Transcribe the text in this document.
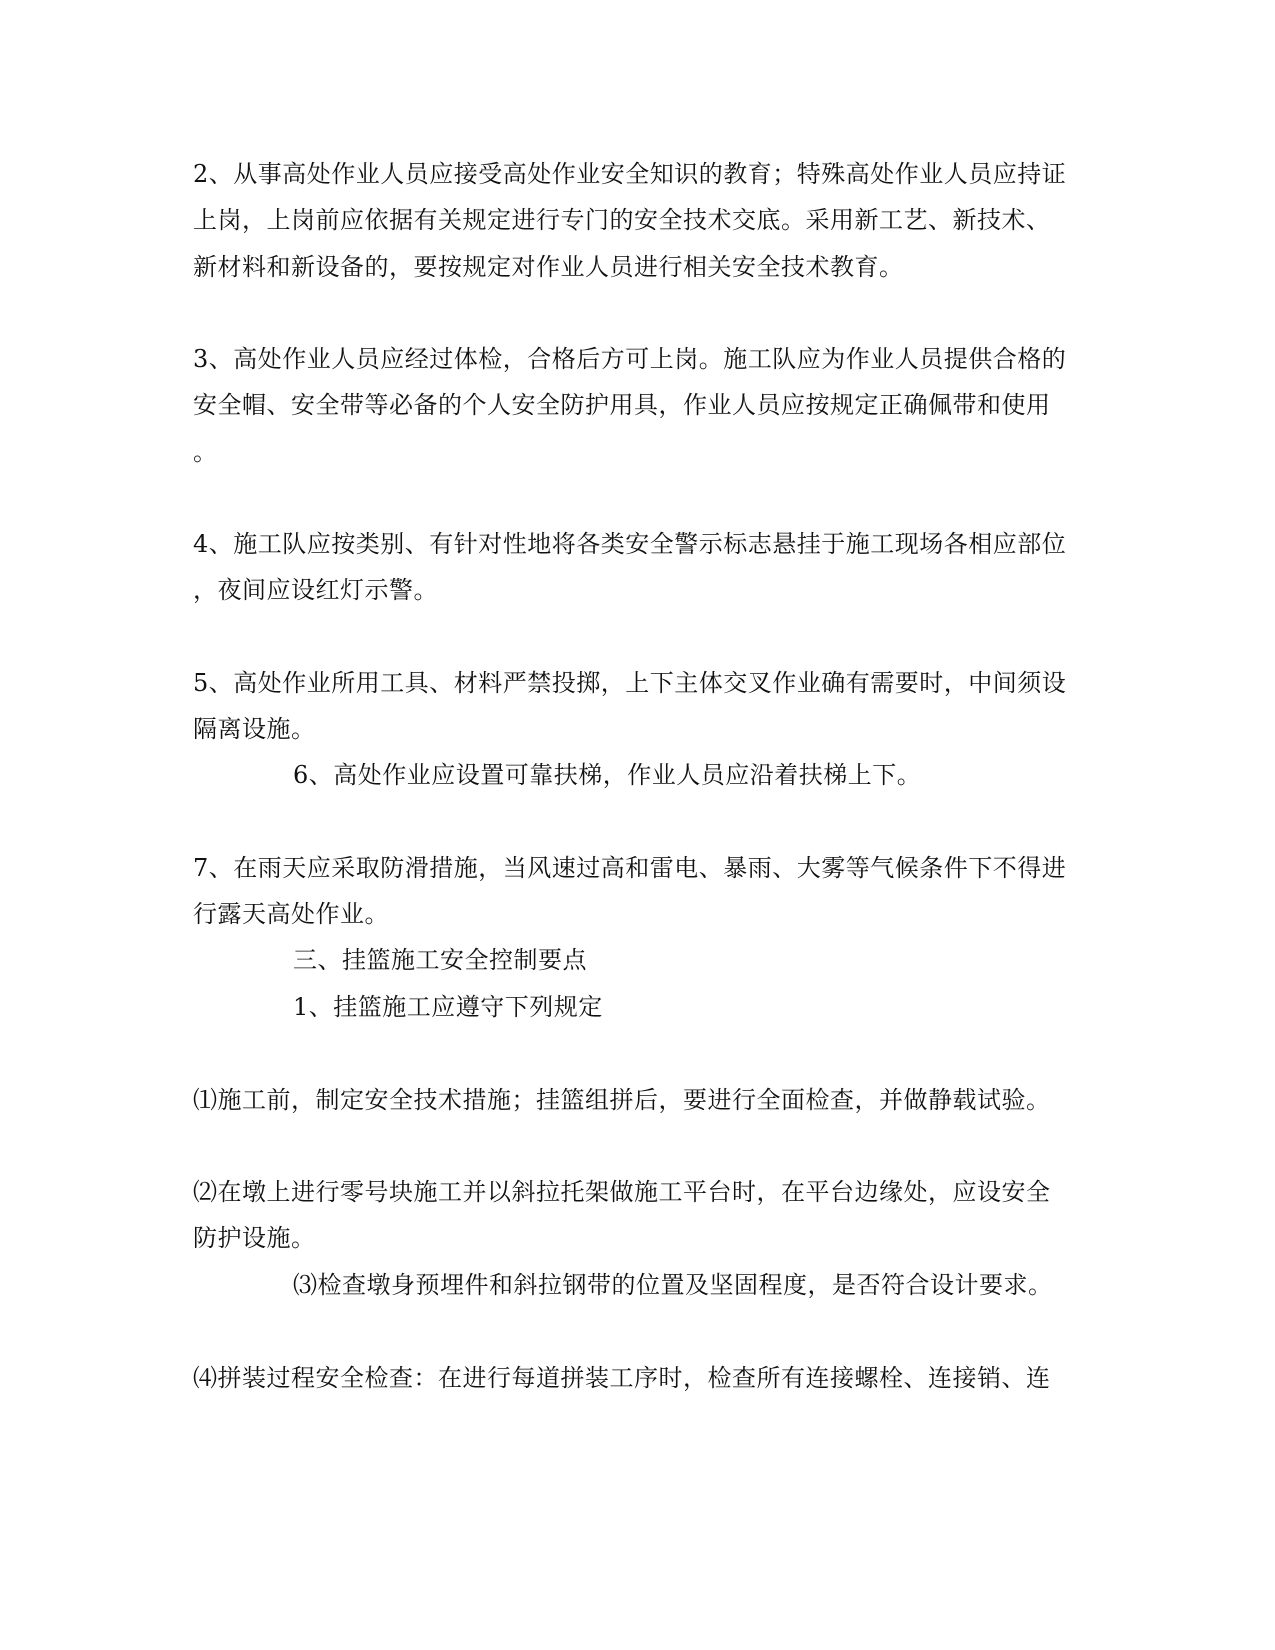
2、从事高处作业人员应接受高处作业安全知识的教育；特殊高处作业人员应持证
上岗，上岗前应依据有关规定进行专门的安全技术交底。采用新工艺、新技术、
新材料和新设备的，要按规定对作业人员进行相关安全技术教育。
3、高处作业人员应经过体检，合格后方可上岗。施工队应为作业人员提供合格的
安全帽、安全带等必备的个人安全防护用具，作业人员应按规定正确佩带和使用
。
4、施工队应按类别、有针对性地将各类安全警示标志悬挂于施工现场各相应部位
，夜间应设红灯示警。
5、高处作业所用工具、材料严禁投掷，上下主体交叉作业确有需要时，中间须设
隔离设施。
6、高处作业应设置可靠扶梯，作业人员应沿着扶梯上下。
7、在雨天应采取防滑措施，当风速过高和雷电、暴雨、大雾等气候条件下不得进
行露天高处作业。
三、挂篮施工安全控制要点
1、挂篮施工应遵守下列规定
⑴施工前，制定安全技术措施；挂篮组拼后，要进行全面检查，并做静载试验。
⑵在墩上进行零号块施工并以斜拉托架做施工平台时，在平台边缘处，应设安全
防护设施。
⑶检查墩身预埋件和斜拉钢带的位置及坚固程度，是否符合设计要求。
⑷拼装过程安全检查：在进行每道拼装工序时，检查所有连接螺栓、连接销、连
